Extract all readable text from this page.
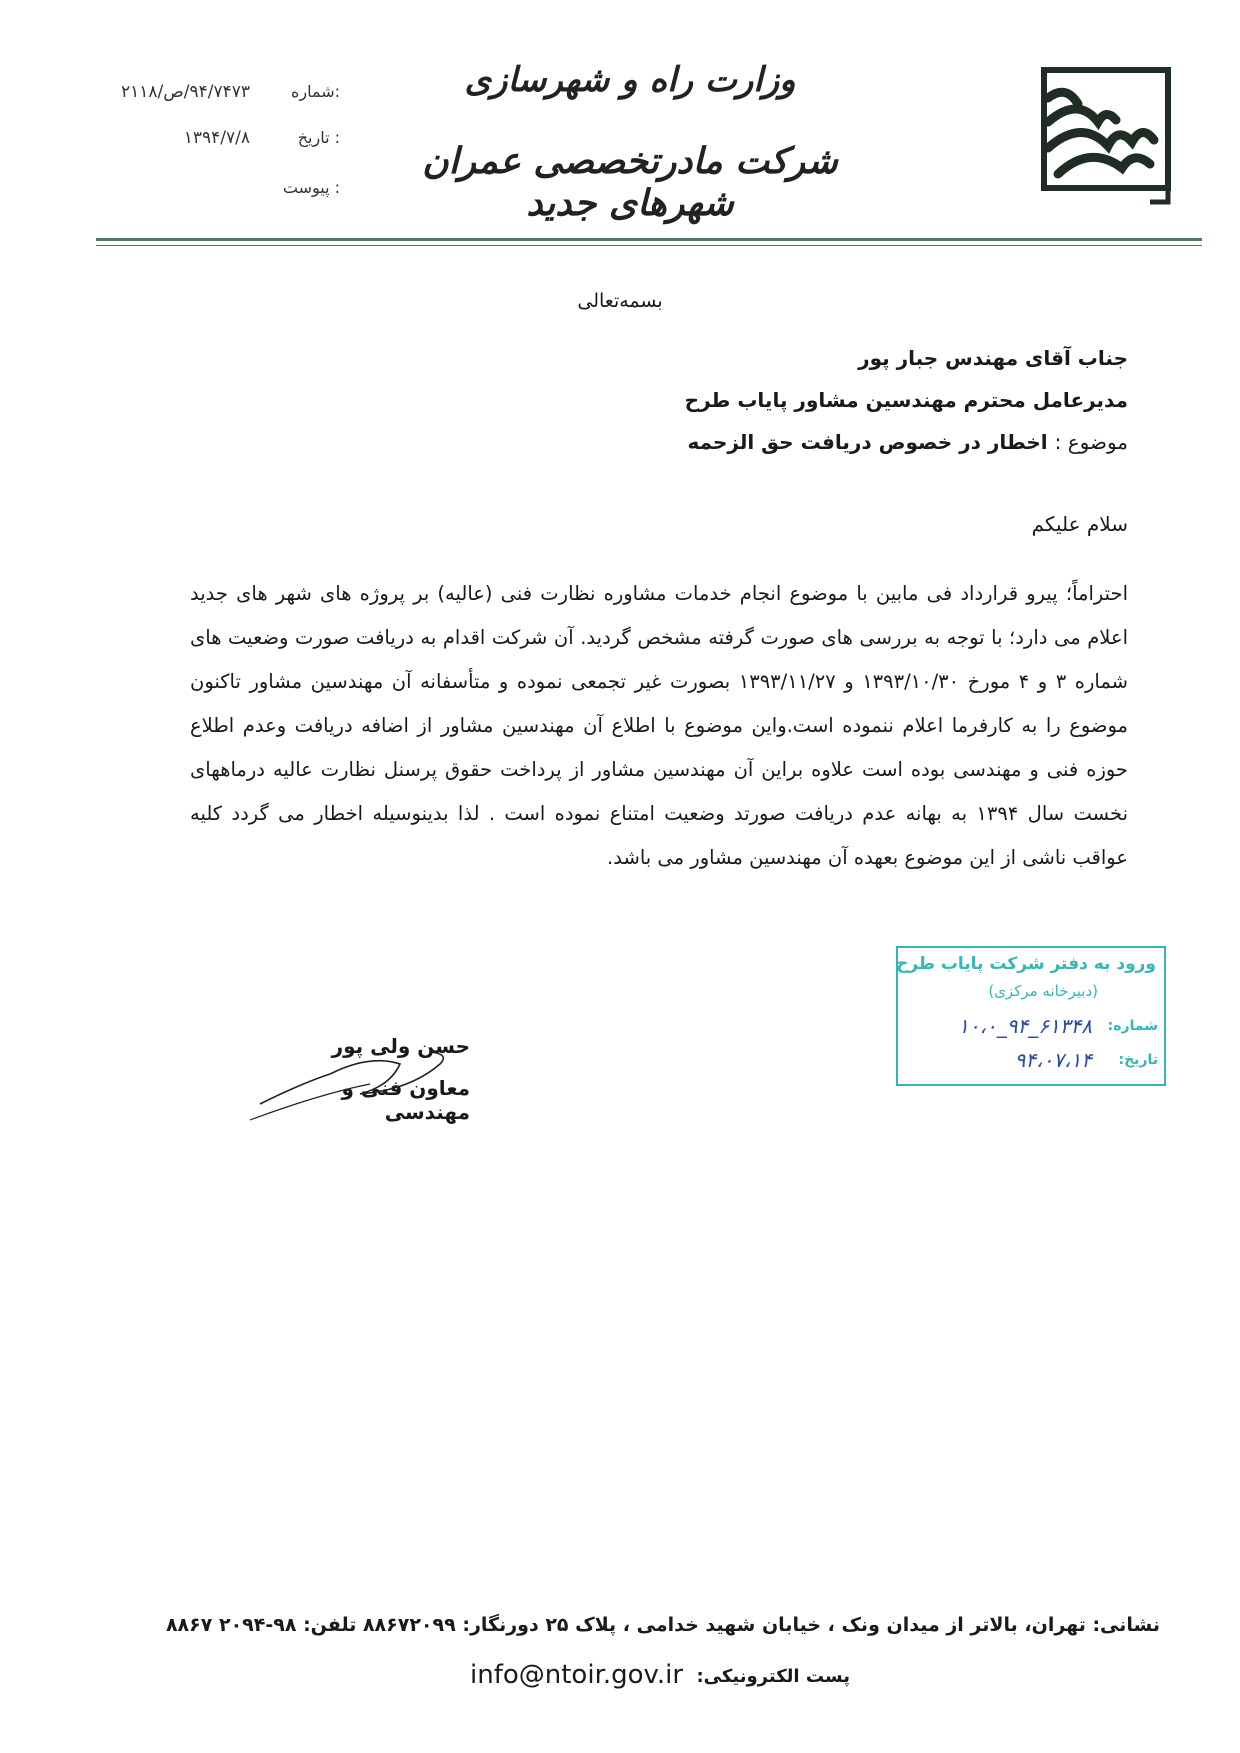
وزارت راه و شهرسازی
شرکت مادرتخصصی عمران شهرهای جدید
:شماره
۹۴/۷۴۷۳/ص/۲۱۱۸
: تاریخ
۱۳۹۴/۷/۸
: پیوست
بسمه‌تعالی
جناب آقای مهندس جبار پور
مدیرعامل محترم مهندسین مشاور پایاب طرح
موضوع : اخطار در خصوص دریافت حق الزحمه
سلام علیکم
احتراماً؛ پیرو قرارداد فی مابین با موضوع انجام خدمات مشاوره نظارت فنی (عالیه) بر پروژه های شهر های جدید اعلام می دارد؛ با توجه به بررسی های صورت گرفته مشخص گردید. آن شرکت اقدام به دریافت صورت وضعیت های شماره ۳ و ۴ مورخ ۱۳۹۳/۱۰/۳۰ و ۱۳۹۳/۱۱/۲۷ بصورت غیر تجمعی نموده و متأسفانه آن مهندسین مشاور تاکنون موضوع را به کارفرما اعلام ننموده است.واین موضوع با اطلاع آن مهندسین مشاور از اضافه دریافت وعدم اطلاع حوزه فنی و مهندسی بوده است علاوه براین آن مهندسین مشاور از پرداخت حقوق پرسنل نظارت عالیه درماههای نخست سال ۱۳۹۴ به بهانه عدم دریافت صورتد وضعیت امتناع نموده است . لذا بدینوسیله اخطار می گردد کلیه عواقب ناشی از این موضوع بعهده آن مهندسین مشاور می باشد.
ورود به دفتر شرکت پایاب طرح
(دبیرخانه مرکزی)
شماره:
۶۱۳۴۸_۹۴_۱۰،۰
تاریخ:
۹۴،۰۷،۱۴
حسن ولی پور
معاون فنی و مهندسی
نشانی: تهران، بالاتر از میدان ونک ، خیابان شهید خدامی ، پلاک ۲۵ دورنگار: ۸۸۶۷۲۰۹۹ تلفن: ۹۸-۲۰۹۴ ۸۸۶۷
پست الکترونیکی:
info@ntoir.gov.ir
